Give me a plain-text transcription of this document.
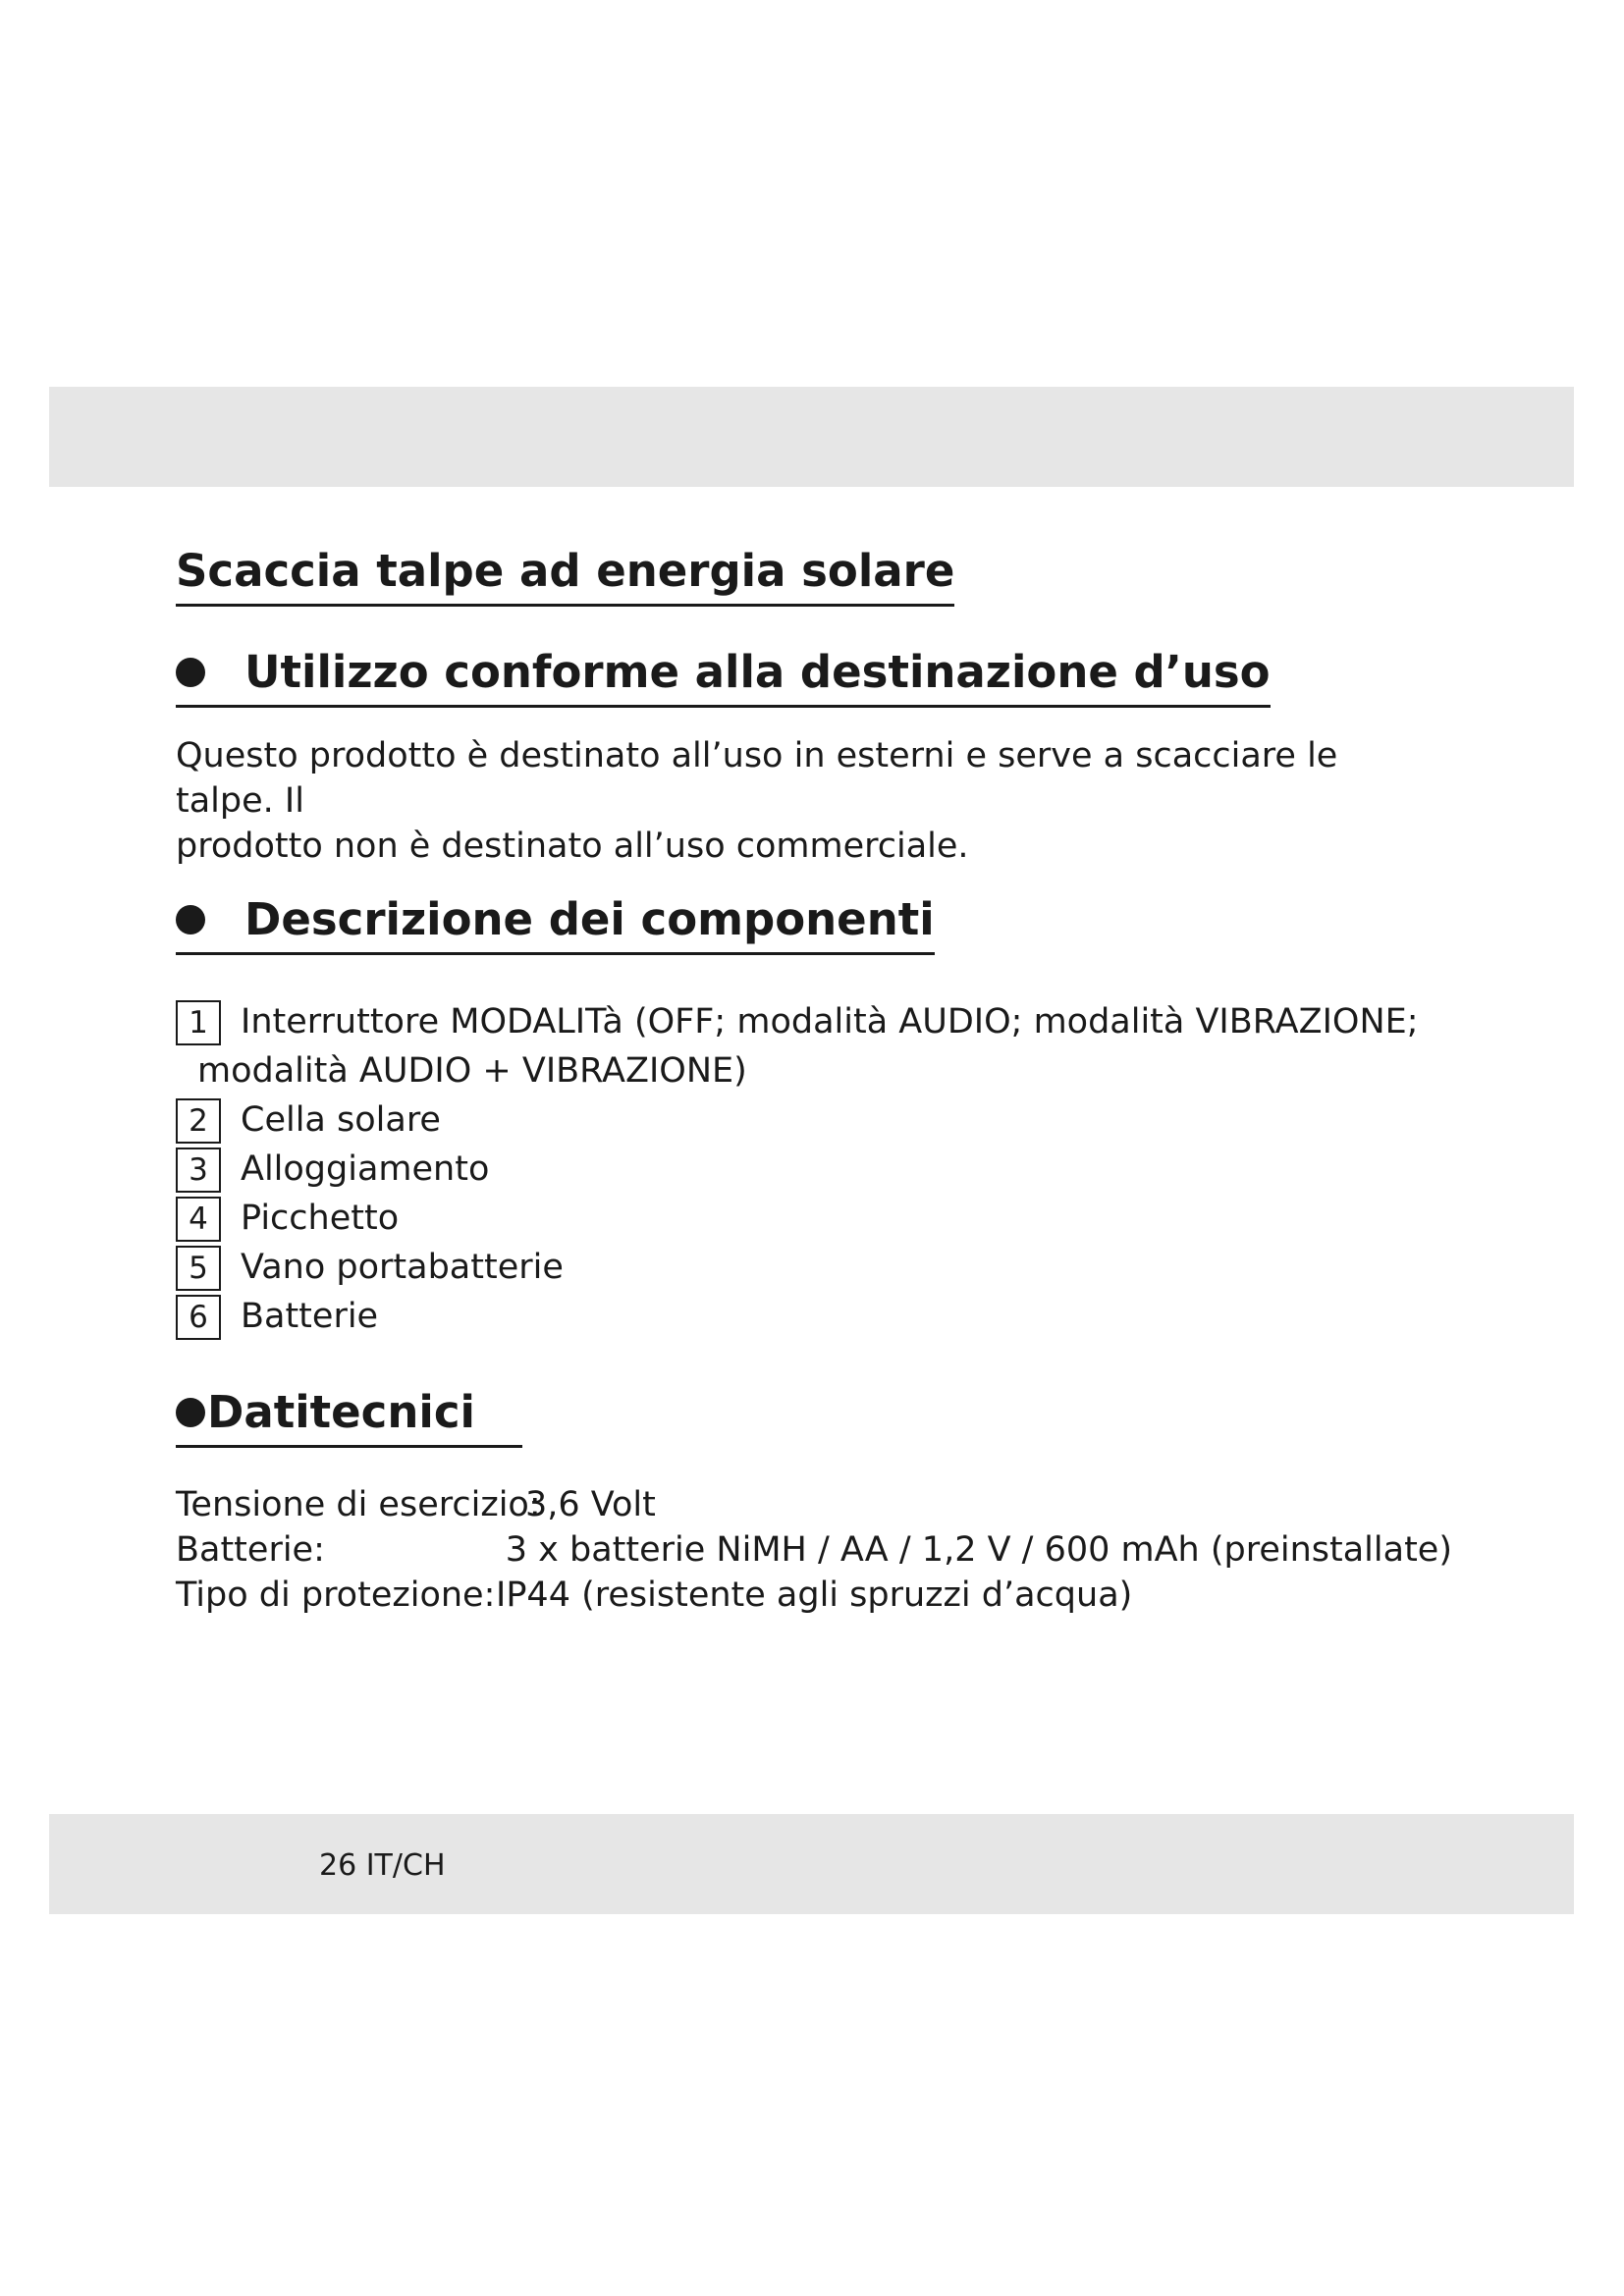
Scaccia talpe ad energia solare
Utilizzo conforme alla destinazione d’uso

Questo prodotto è destinato all’uso in esterni e serve a scacciare le talpe. Il
prodotto non è destinato all’uso commerciale.

Descrizione dei componenti
1 Interruttore MODALITà (OFF; modalità AUDIO; modalità VIBRAZIONE;
modalità AUDIO + VIBRAZIONE)
2 Cella solare
3 Alloggiamento
4 Picchetto
5 Vano portabatterie
6 Batterie
Datitecnici
Tensione di esercizio:
3,6 Volt
Batterie:	3 x batterie NiMH / AA / 1,2 V / 600 mAh (preinstallate)
Tipo di protezione: IP44 (resistente agli spruzzi d’acqua)
26 IT/CH
